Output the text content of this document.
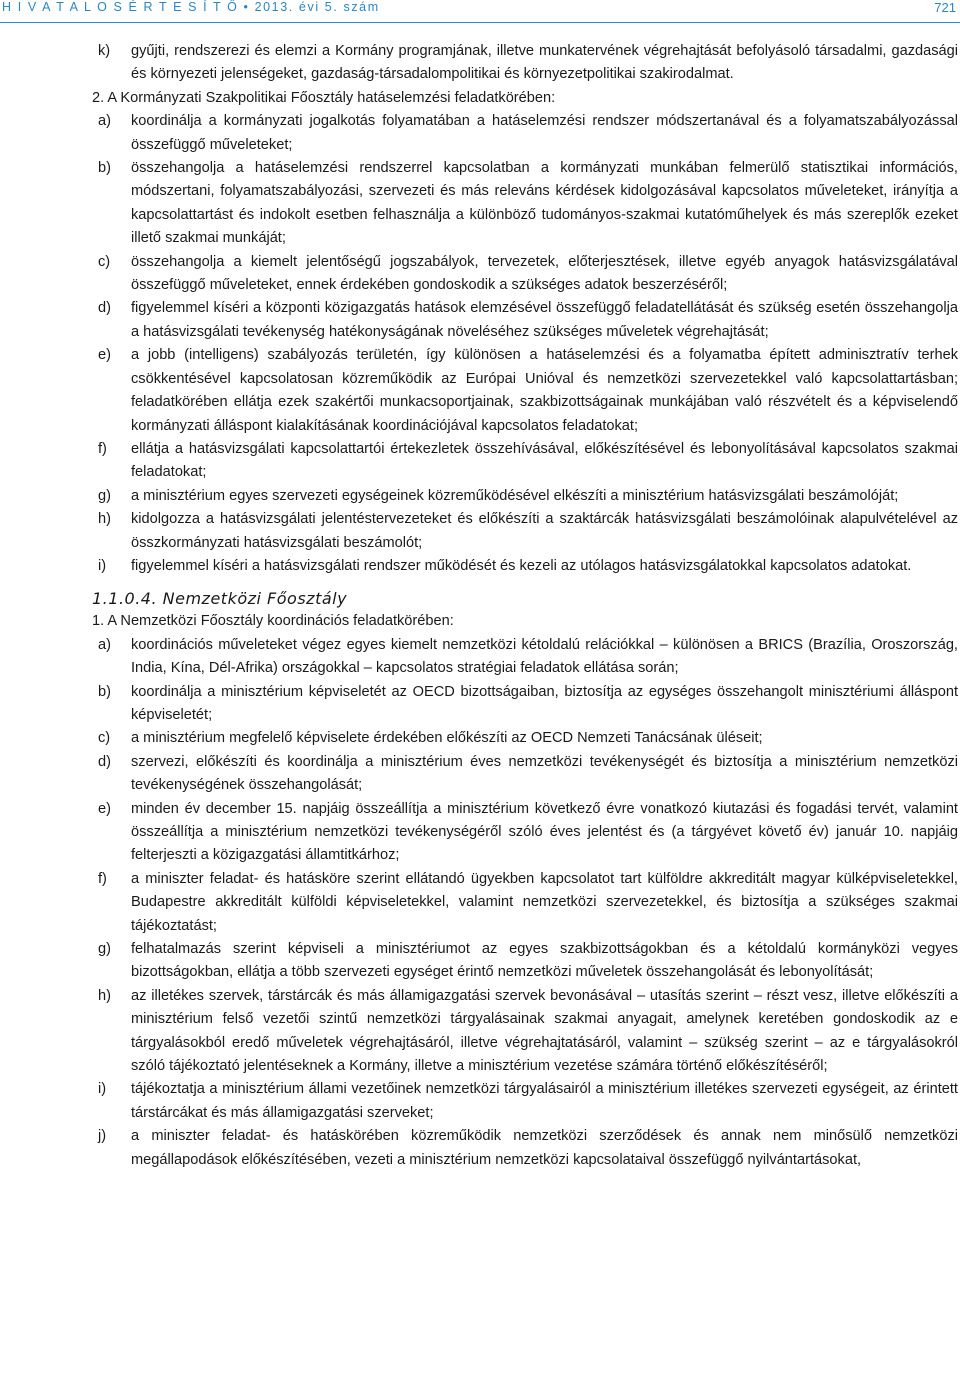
H I V A T A L O S É R T E S Í T Ő • 2013. évi 5. szám	721
k) gyűjti, rendszerezi és elemzi a Kormány programjának, illetve munkatervének végrehajtását befolyásoló társadalmi, gazdasági és környezeti jelenségeket, gazdaság-társadalompolitikai és környezetpolitikai szakirodalmat.
2. A Kormányzati Szakpolitikai Főosztály hatáselemzési feladatkörében:
a) koordinálja a kormányzati jogalkotás folyamatában a hatáselemzési rendszer módszertanával és a folyamatszabályozással összefüggő műveleteket;
b) összehangolja a hatáselemzési rendszerrel kapcsolatban a kormányzati munkában felmerülő statisztikai információs, módszertani, folyamatszabályozási, szervezeti és más releváns kérdések kidolgozásával kapcsolatos műveleteket, irányítja a kapcsolattartást és indokolt esetben felhasználja a különböző tudományos-szakmai kutatóműhelyek és más szereplők ezeket illető szakmai munkáját;
c) összehangolja a kiemelt jelentőségű jogszabályok, tervezetek, előterjesztések, illetve egyéb anyagok hatásvizsgálatával összefüggő műveleteket, ennek érdekében gondoskodik a szükséges adatok beszerzéséről;
d) figyelemmel kíséri a központi közigazgatás hatások elemzésével összefüggő feladatellátását és szükség esetén összehangolja a hatásvizsgálati tevékenység hatékonyságának növeléséhez szükséges műveletek végrehajtását;
e) a jobb (intelligens) szabályozás területén, így különösen a hatáselemzési és a folyamatba épített adminisztratív terhek csökkentésével kapcsolatosan közreműködik az Európai Unióval és nemzetközi szervezetekkel való kapcsolattartásban; feladatkörében ellátja ezek szakértői munkacsoportjainak, szakbizottságainak munkájában való részvételt és a képviselendő kormányzati álláspont kialakításának koordinációjával kapcsolatos feladatokat;
f) ellátja a hatásvizsgálati kapcsolattartói értekezletek összehívásával, előkészítésével és lebonyolításával kapcsolatos szakmai feladatokat;
g) a minisztérium egyes szervezeti egységeinek közreműködésével elkészíti a minisztérium hatásvizsgálati beszámolóját;
h) kidolgozza a hatásvizsgálati jelentéstervezeteket és előkészíti a szaktárcák hatásvizsgálati beszámolóinak alapulvételével az összkormányzati hatásvizsgálati beszámolót;
i) figyelemmel kíséri a hatásvizsgálati rendszer működését és kezeli az utólagos hatásvizsgálatokkal kapcsolatos adatokat.
1.1.0.4. Nemzetközi Főosztály
1. A Nemzetközi Főosztály koordinációs feladatkörében:
a) koordinációs műveleteket végez egyes kiemelt nemzetközi kétoldalú relációkkal – különösen a BRICS (Brazília, Oroszország, India, Kína, Dél-Afrika) országokkal – kapcsolatos stratégiai feladatok ellátása során;
b) koordinálja a minisztérium képviseletét az OECD bizottságaiban, biztosítja az egységes összehangolt minisztériumi álláspont képviseletét;
c) a minisztérium megfelelő képviselete érdekében előkészíti az OECD Nemzeti Tanácsának üléseit;
d) szervezi, előkészíti és koordinálja a minisztérium éves nemzetközi tevékenységét és biztosítja a minisztérium nemzetközi tevékenységének összehangolását;
e) minden év december 15. napjáig összeállítja a minisztérium következő évre vonatkozó kiutazási és fogadási tervét, valamint összeállítja a minisztérium nemzetközi tevékenységéről szóló éves jelentést és (a tárgyévet követő év) január 10. napjáig felterjeszti a közigazgatási államtitkárhoz;
f) a miniszter feladat- és hatásköre szerint ellátandó ügyekben kapcsolatot tart külföldre akkreditált magyar külképviseletekkel, Budapestre akkreditált külföldi képviseletekkel, valamint nemzetközi szervezetekkel, és biztosítja a szükséges szakmai tájékoztatást;
g) felhatalmazás szerint képviseli a minisztériumot az egyes szakbizottságokban és a kétoldalú kormányközi vegyes bizottságokban, ellátja a több szervezeti egységet érintő nemzetközi műveletek összehangolását és lebonyolítását;
h) az illetékes szervek, társtárcák és más államigazgatási szervek bevonásával – utasítás szerint – részt vesz, illetve előkészíti a minisztérium felső vezetői szintű nemzetközi tárgyalásainak szakmai anyagait, amelynek keretében gondoskodik az e tárgyalásokból eredő műveletek végrehajtásáról, illetve végrehajtatásáról, valamint – szükség szerint – az e tárgyalásokról szóló tájékoztató jelentéseknek a Kormány, illetve a minisztérium vezetése számára történő előkészítéséről;
i) tájékoztatja a minisztérium állami vezetőinek nemzetközi tárgyalásairól a minisztérium illetékes szervezeti egységeit, az érintett társtárcákat és más államigazgatási szerveket;
j) a miniszter feladat- és hatáskörében közreműködik nemzetközi szerződések és annak nem minősülő nemzetközi megállapodások előkészítésében, vezeti a minisztérium nemzetközi kapcsolataival összefüggő nyilvántartásokat,
